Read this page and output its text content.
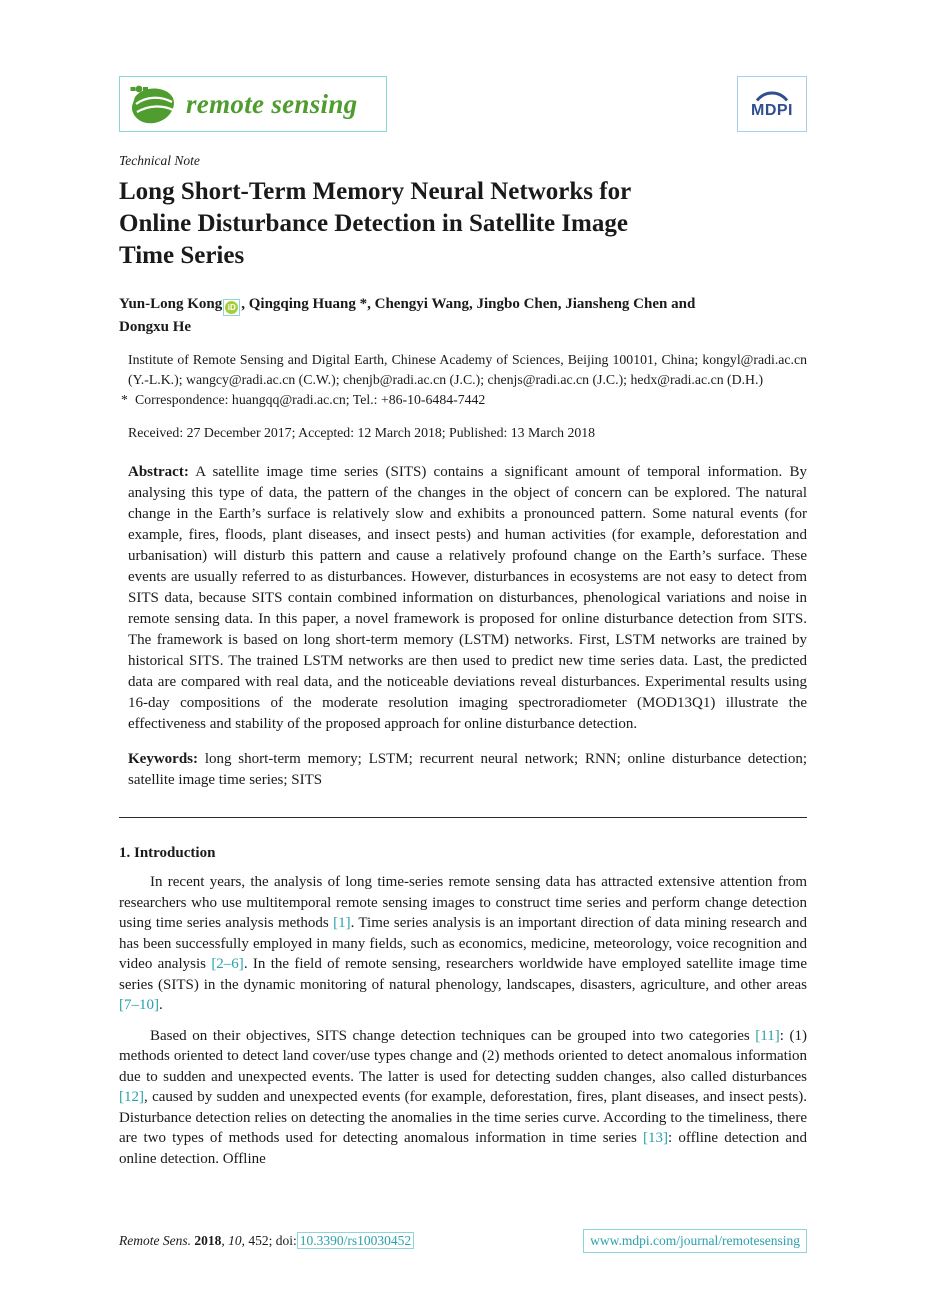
remote sensing	MDPI
Technical Note
Long Short-Term Memory Neural Networks for
Online Disturbance Detection in Satellite Image
Time Series
Yun-Long Kong iD , Qingqing Huang *, Chengyi Wang, Jingbo Chen, Jiansheng Chen and
Dongxu He
Institute of Remote Sensing and Digital Earth, Chinese Academy of Sciences, Beijing 100101, China; kongyl@radi.ac.cn (Y.-L.K.); wangcy@radi.ac.cn (C.W.); chenjb@radi.ac.cn (J.C.); chenjs@radi.ac.cn (J.C.); hedx@radi.ac.cn (D.H.)
* Correspondence: huangqq@radi.ac.cn; Tel.: +86-10-6484-7442
Received: 27 December 2017; Accepted: 12 March 2018; Published: 13 March 2018

Abstract: A satellite image time series (SITS) contains a significant amount of temporal information. By analysing this type of data, the pattern of the changes in the object of concern can be explored. The natural change in the Earth’s surface is relatively slow and exhibits a pronounced pattern. Some natural events (for example, fires, floods, plant diseases, and insect pests) and human activities (for example, deforestation and urbanisation) will disturb this pattern and cause a relatively profound change on the Earth’s surface. These events are usually referred to as disturbances. However, disturbances in ecosystems are not easy to detect from SITS data, because SITS contain combined information on disturbances, phenological variations and noise in remote sensing data. In this paper, a novel framework is proposed for online disturbance detection from SITS. The framework is based on long short-term memory (LSTM) networks. First, LSTM networks are trained by historical SITS. The trained LSTM networks are then used to predict new time series data. Last, the predicted data are compared with real data, and the noticeable deviations reveal disturbances. Experimental results using 16-day compositions of the moderate resolution imaging spectroradiometer (MOD13Q1) illustrate the effectiveness and stability of the proposed approach for online disturbance detection.

Keywords: long short-term memory; LSTM; recurrent neural network; RNN; online disturbance detection; satellite image time series; SITS

1. Introduction

In recent years, the analysis of long time-series remote sensing data has attracted extensive attention from researchers who use multitemporal remote sensing images to construct time series and perform change detection using time series analysis methods [1]. Time series analysis is an important direction of data mining research and has been successfully employed in many fields, such as economics, medicine, meteorology, voice recognition and video analysis [2–6]. In the field of remote sensing, researchers worldwide have employed satellite image time series (SITS) in the dynamic monitoring of natural phenology, landscapes, disasters, agriculture, and other areas [7–10].

Based on their objectives, SITS change detection techniques can be grouped into two categories [11]: (1) methods oriented to detect land cover/use types change and (2) methods oriented to detect anomalous information due to sudden and unexpected events. The latter is used for detecting sudden changes, also called disturbances [12], caused by sudden and unexpected events (for example, deforestation, fires, plant diseases, and insect pests). Disturbance detection relies on detecting the anomalies in the time series curve. According to the timeliness, there are two types of methods used for detecting anomalous information in time series [13]: offline detection and online detection. Offline

Remote Sens. 2018, 10, 452; doi: 10.3390/rs10030452	www.mdpi.com/journal/remotesensing
